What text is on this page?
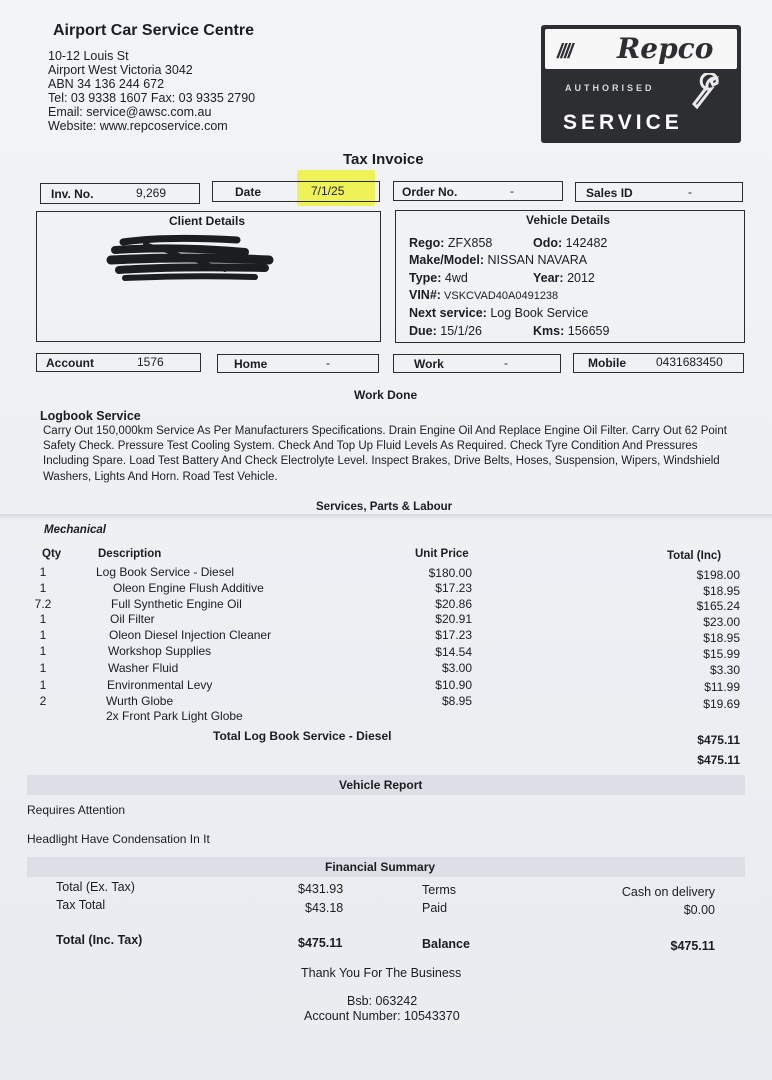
Airport Car Service Centre
10-12 Louis St
Airport West Victoria 3042
ABN 34 136 244 672
Tel: 03 9338 1607 Fax: 03 9335 2790
Email: service@awsc.com.au
Website: www.repcoservice.com
//// Repco
AUTHORISED
SERVICE
Tax Invoice
Inv. No.	9,269	Date	7/1/25	Order No.	-	Sales ID	-
Client Details	Vehicle Details
Rego: ZFX858	Odo: 142482
Make/Model: NISSAN NAVARA
Type: 4wd	Year: 2012
VIN#: VSKCVAD40A0491238
Next service: Log Book Service
Due: 15/1/26	Kms: 156659
Account	1576	Home	-	Work	-	Mobile	0431683450
Work Done
Logbook Service
Carry Out 150,000km Service As Per Manufacturers Specifications. Drain Engine Oil And Replace Engine Oil Filter. Carry Out 62 Point Safety Check. Pressure Test Cooling System. Check And Top Up Fluid Levels As Required. Check Tyre Condition And Pressures Including Spare. Load Test Battery And Check Electrolyte Level. Inspect Brakes, Drive Belts, Hoses, Suspension, Wipers, Windshield Washers, Lights And Horn. Road Test Vehicle.
Services, Parts & Labour
Mechanical
Qty	Description	Unit Price	Total (Inc)
1	Log Book Service - Diesel	$180.00	$198.00
1	Oleon Engine Flush Additive	$17.23	$18.95
7.2	Full Synthetic Engine Oil	$20.86	$165.24
1	Oil Filter	$20.91	$23.00
1	Oleon Diesel Injection Cleaner	$17.23	$18.95
1	Workshop Supplies	$14.54	$15.99
1	Washer Fluid	$3.00	$3.30
1	Environmental Levy	$10.90	$11.99
2	Wurth Globe	$8.95	$19.69
2x Front Park Light Globe
Total Log Book Service - Diesel	$475.11
$475.11
Vehicle Report
Requires Attention
Headlight Have Condensation In It
Financial Summary
Total (Ex. Tax)	$431.93	Terms	Cash on delivery
Tax Total	$43.18	Paid	$0.00
Total (Inc. Tax)	$475.11	Balance	$475.11
Thank You For The Business
Bsb: 063242
Account Number: 10543370
